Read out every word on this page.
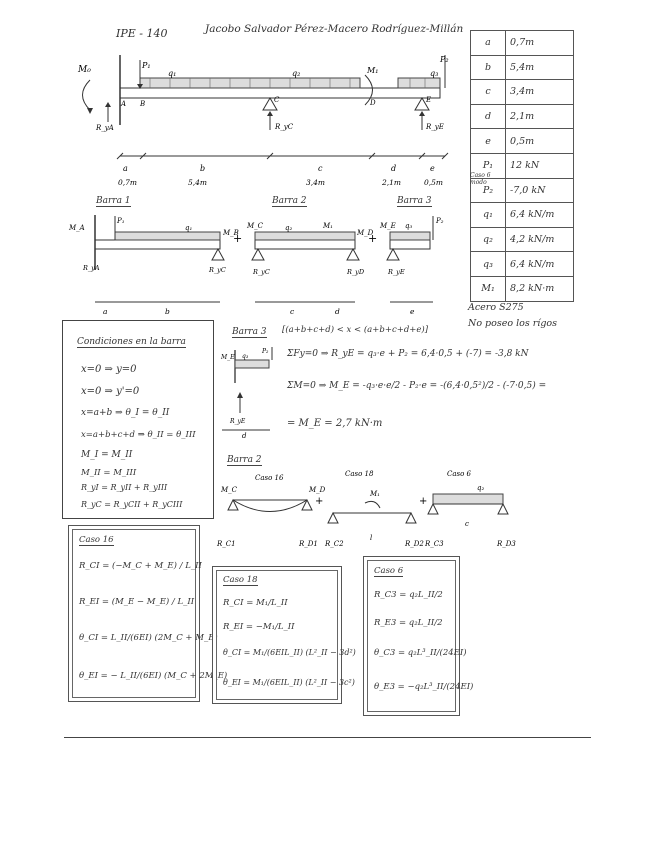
IPE - 140	Jacobo Salvador Pérez-Macero Rodríguez-Millán
a	0,7m
b	5,4m
c	3,4m
d	2,1m
e	0,5m
P₁	12 kN
P₂	-7,0 kN
q₁	6,4 kN/m
q₂	4,2 kN/m
q₃	6,4 kN/m
M₁	8,2 kN·m
Caso 6 modo
Acero S275
No poseo los rígos
M₀	P₁
q₁	q₂	M₁	q₃
P₂
A B	C	D	E
R_yA	R_yC	R_yE
a	b	c	d	e
0,7m	5,4m	3,4m	2,1m	0,5m
Barra 1	Barra 2	Barra 3
M_A
P₁
q₁
R_yA	R_yC
M_B
+
M_C	q₂	M₁
R_yC	R_yD
M_D
+
M_E q₃
P₂
R_yE
a	b	c	d	e
Condiciones en la barra
x=0 ⇒ y=0
x=0 ⇒ y'=0
x=a+b ⇒ θ_I = θ_II
x=a+b+c+d ⇒ θ_II = θ_III
M_I = M_II
M_II = M_III
R_yI = R_yII + R_yIII
R_yC = R_yCII + R_yCIII
Barra 3 [(a+b+c+d) < x < (a+b+c+d+e)]
M_E
P₂
q₃
R_yE
d
ΣFy=0 ⇒ R_yE = q₃·e + P₂ = 6,4·0,5 + (-7) = -3,8 kN
ΣM=0 ⇒ M_E = -q₃·e·e/2 - P₂·e = -(6,4·0,5²)/2 - (-7·0,5) =
= M_E = 2,7 kN·m
Barra 2
Caso 16	Caso 18	Caso 6
M_C	M_D
+
R_C1	R_D1
M₁
+
R_C2	R_D2
l
q₂
c
R_C3	R_D3
Caso 16
R_CI = (−M_C + M_E) / L_II
R_EI = (M_E − M_E) / L_II
θ_CI = L_II/(6EI) (2M_C + M_E)
θ_EI = − L_II/(6EI) (M_C + 2M_E)
Caso 18
R_CI = M₁/L_II
R_EI = −M₁/L_II
θ_CI = M₁/(6EIL_II) (L²_II − 3d²)
θ_EI = M₁/(6EIL_II) (L²_II − 3c²)
Caso 6
R_C3 = q₂L_II/2
R_E3 = q₂L_II/2
θ_C3 = q₂L³_II/(24EI)
θ_E3 = −q₂L³_II/(24EI)
